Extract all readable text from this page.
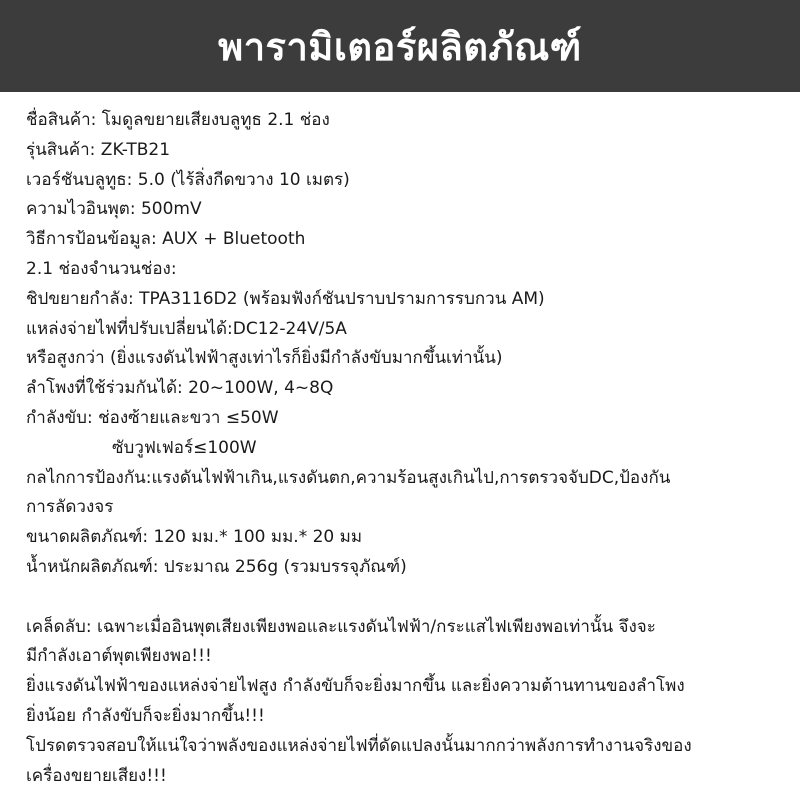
พารามิเตอร์ผลิตภัณฑ์
ชื่อสินค้า: โมดูลขยายเสียงบลูทูธ 2.1 ช่อง
รุ่นสินค้า: ZK-TB21
เวอร์ชันบลูทูธ: 5.0 (ไร้สิ่งกีดขวาง 10 เมตร)
ความไวอินพุต: 500mV
วิธีการป้อนข้อมูล: AUX + Bluetooth
2.1 ช่องจำนวนช่อง:
ชิปขยายกำลัง: TPA3116D2 (พร้อมฟังก์ชันปราบปรามการรบกวน AM)
แหล่งจ่ายไฟที่ปรับเปลี่ยนได้:DC12-24V/5A
หรือสูงกว่า (ยิ่งแรงดันไฟฟ้าสูงเท่าไรก็ยิ่งมีกำลังขับมากขึ้นเท่านั้น)
ลำโพงที่ใช้ร่วมกันได้: 20~100W, 4~8Q
กำลังขับ: ช่องซ้ายและขวา ≤50W
ซับวูฟเฟอร์≤100W
กลไกการป้องกัน:แรงดันไฟฟ้าเกิน,แรงดันตก,ความร้อนสูงเกินไป,การตรวจจับDC,ป้องกัน
การลัดวงจร
ขนาดผลิตภัณฑ์: 120 มม.* 100 มม.* 20 มม
น้ำหนักผลิตภัณฑ์: ประมาณ 256g (รวมบรรจุภัณฑ์)
เคล็ดลับ: เฉพาะเมื่ออินพุตเสียงเพียงพอและแรงดันไฟฟ้า/กระแสไฟเพียงพอเท่านั้น จึงจะ
มีกำลังเอาต์พุตเพียงพอ!!!
ยิ่งแรงดันไฟฟ้าของแหล่งจ่ายไฟสูง กำลังขับก็จะยิ่งมากขึ้น และยิ่งความต้านทานของลำโพง
ยิ่งน้อย กำลังขับก็จะยิ่งมากขึ้น!!!
โปรดตรวจสอบให้แน่ใจว่าพลังของแหล่งจ่ายไฟที่ดัดแปลงนั้นมากกว่าพลังการทำงานจริงของ
เครื่องขยายเสียง!!!
